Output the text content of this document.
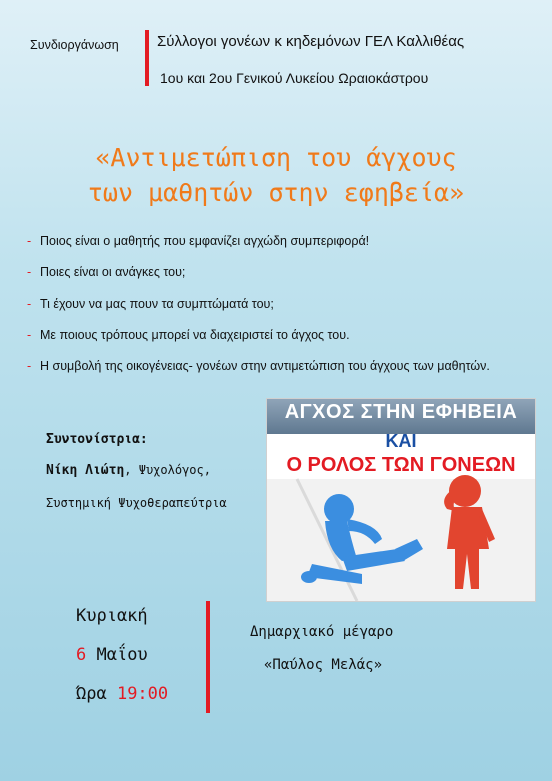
Συνδιοργάνωση	Σύλλογοι γονέων κ κηδεμόνων ΓΕΛ Καλλιθέας
1ου και 2ου Γενικού Λυκείου Ωραιοκάστρου
«Αντιμετώπιση του άγχους
των μαθητών στην εφηβεία»
- Ποιος είναι ο μαθητής που εμφανίζει αγχώδη συμπεριφορά!
- Ποιες είναι οι ανάγκες του;
- Τι έχουν να μας πουν τα συμπτώματά του;
- Με ποιους τρόπους μπορεί να διαχειριστεί το άγχος του.
- Η συμβολή της οικογένειας- γονέων στην αντιμετώπιση του άγχους των μαθητών.
Συντονίστρια:
Νίκη Λιώτη, Ψυχολόγος,
Συστημική Ψυχοθεραπεύτρια
ΑΓΧΟΣ ΣΤΗΝ ΕΦΗΒΕΙΑ
ΚΑΙ
Ο ΡΟΛΟΣ ΤΩΝ ΓΟΝΕΩΝ
Κυριακή
6 Μαΐου
Ώρα 19:00
Δημαρχιακό μέγαρο
«Παύλος Μελάς»
